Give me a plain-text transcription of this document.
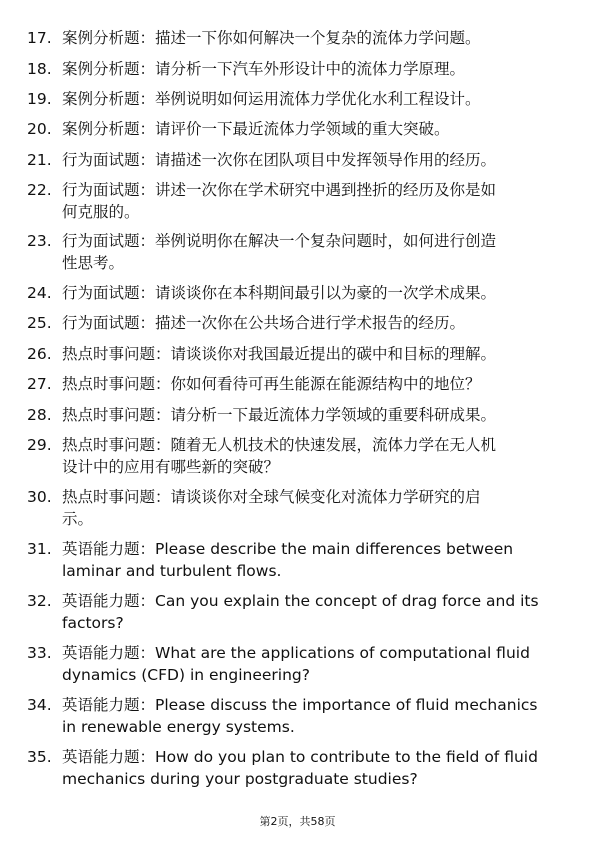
17. 案例分析题：描述一下你如何解决一个复杂的流体力学问题。
18. 案例分析题：请分析一下汽车外形设计中的流体力学原理。
19. 案例分析题：举例说明如何运用流体力学优化水利工程设计。
20. 案例分析题：请评价一下最近流体力学领域的重大突破。
21. 行为面试题：请描述一次你在团队项目中发挥领导作用的经历。
22. 行为面试题：讲述一次你在学术研究中遇到挫折的经历及你是如
何克服的。
23. 行为面试题：举例说明你在解决一个复杂问题时，如何进行创造
性思考。
24. 行为面试题：请谈谈你在本科期间最引以为豪的一次学术成果。
25. 行为面试题：描述一次你在公共场合进行学术报告的经历。
26. 热点时事问题：请谈谈你对我国最近提出的碳中和目标的理解。
27. 热点时事问题：你如何看待可再生能源在能源结构中的地位？
28. 热点时事问题：请分析一下最近流体力学领域的重要科研成果。
29. 热点时事问题：随着无人机技术的快速发展，流体力学在无人机
设计中的应用有哪些新的突破？
30. 热点时事问题：请谈谈你对全球气候变化对流体力学研究的启
示。
31. 英语能力题：Please describe the main differences between
laminar and turbulent flows.
32. 英语能力题：Can you explain the concept of drag force and its
factors?
33. 英语能力题：What are the applications of computational fluid
dynamics (CFD) in engineering?
34. 英语能力题：Please discuss the importance of fluid mechanics
in renewable energy systems.
35. 英语能力题：How do you plan to contribute to the field of fluid
mechanics during your postgraduate studies?
第2页，共58页
